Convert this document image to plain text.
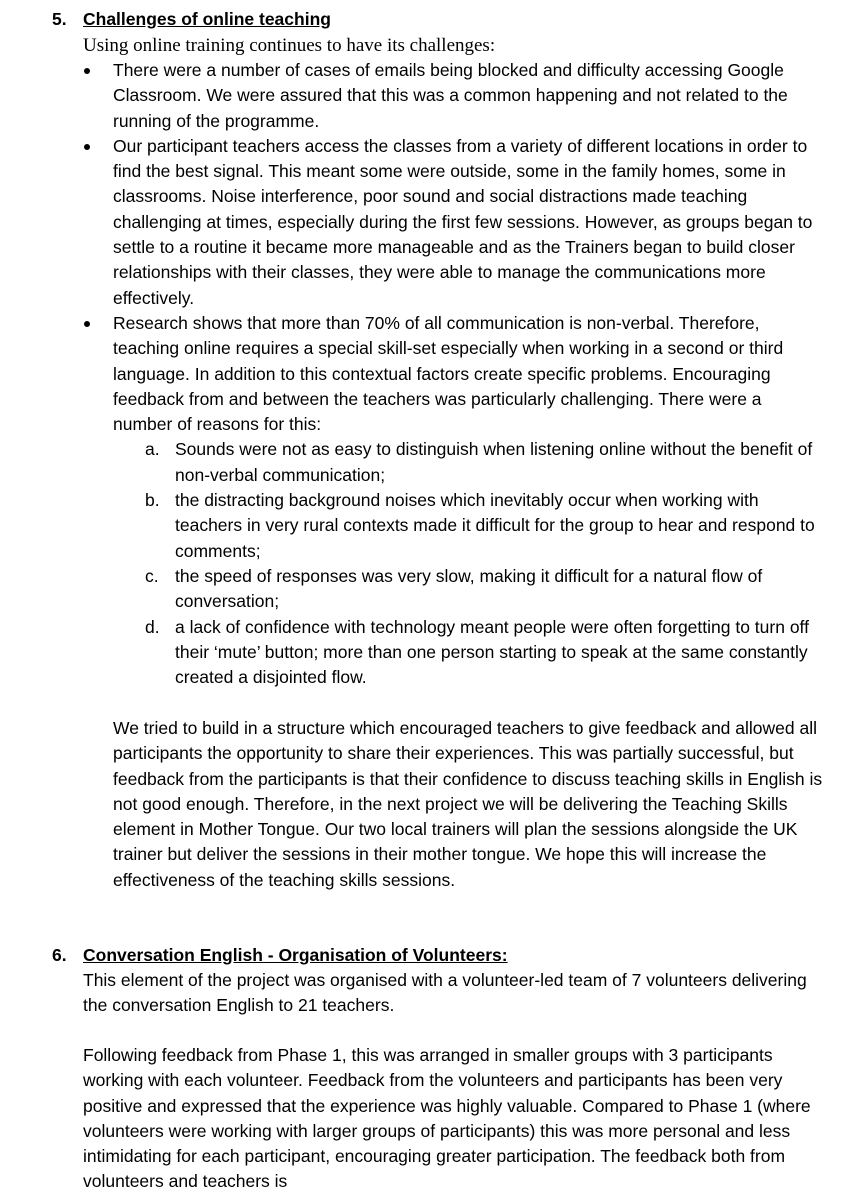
5. Challenges of online teaching
Using online training continues to have its challenges:
There were a number of cases of emails being blocked and difficulty accessing Google Classroom. We were assured that this was a common happening and not related to the running of the programme.
Our participant teachers access the classes from a variety of different locations in order to find the best signal. This meant some were outside, some in the family homes, some in classrooms. Noise interference, poor sound and social distractions made teaching challenging at times, especially during the first few sessions. However, as groups began to settle to a routine it became more manageable and as the Trainers began to build closer relationships with their classes, they were able to manage the communications more effectively.
Research shows that more than 70% of all communication is non-verbal. Therefore, teaching online requires a special skill-set especially when working in a second or third language. In addition to this contextual factors create specific problems. Encouraging feedback from and between the teachers was particularly challenging. There were a number of reasons for this:
a. Sounds were not as easy to distinguish when listening online without the benefit of non-verbal communication;
b. the distracting background noises which inevitably occur when working with teachers in very rural contexts made it difficult for the group to hear and respond to comments;
c. the speed of responses was very slow, making it difficult for a natural flow of conversation;
d. a lack of confidence with technology meant people were often forgetting to turn off their ‘mute’ button; more than one person starting to speak at the same constantly created a disjointed flow.
We tried to build in a structure which encouraged teachers to give feedback and allowed all participants the opportunity to share their experiences. This was partially successful, but feedback from the participants is that their confidence to discuss teaching skills in English is not good enough. Therefore, in the next project we will be delivering the Teaching Skills element in Mother Tongue. Our two local trainers will plan the sessions alongside the UK trainer but deliver the sessions in their mother tongue. We hope this will increase the effectiveness of the teaching skills sessions.
6. Conversation English - Organisation of Volunteers:
This element of the project was organised with a volunteer-led team of 7 volunteers delivering the conversation English to 21 teachers.
Following feedback from Phase 1, this was arranged in smaller groups with 3 participants working with each volunteer. Feedback from the volunteers and participants has been very positive and expressed that the experience was highly valuable. Compared to Phase 1 (where volunteers were working with larger groups of participants) this was more personal and less intimidating for each participant, encouraging greater participation. The feedback both from volunteers and teachers is
